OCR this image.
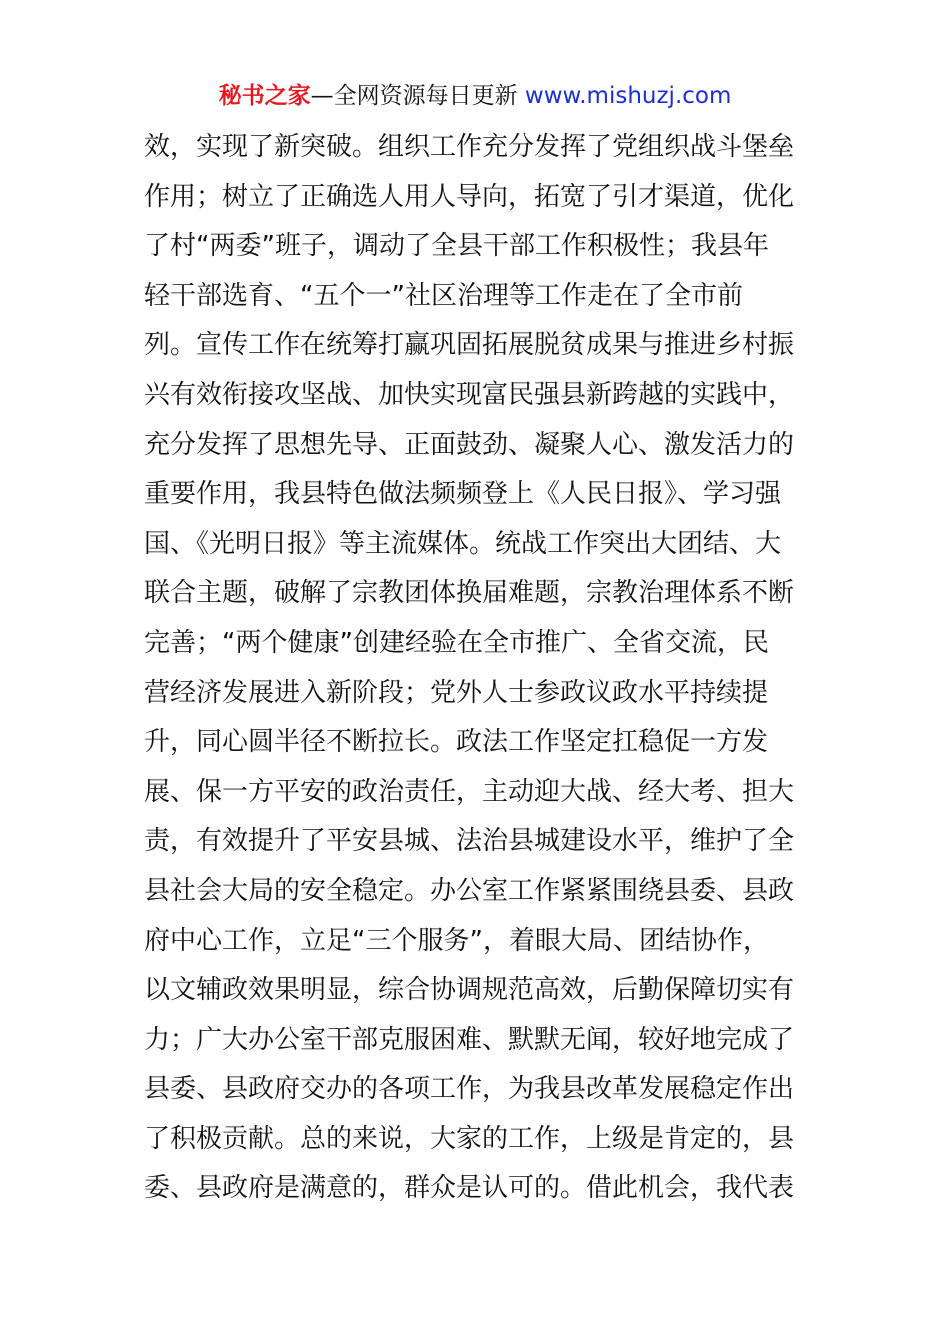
秘书之家—全网资源每日更新 www.mishuzj.com
效，实现了新突破。组织工作充分发挥了党组织战斗堡垒
作用；树立了正确选人用人导向，拓宽了引才渠道，优化
了村“两委”班子，调动了全县干部工作积极性；我县年
轻干部选育、“五个一”社区治理等工作走在了全市前
列。宣传工作在统筹打赢巩固拓展脱贫成果与推进乡村振
兴有效衔接攻坚战、加快实现富民强县新跨越的实践中，
充分发挥了思想先导、正面鼓劲、凝聚人心、激发活力的
重要作用，我县特色做法频频登上《人民日报》、学习强
国、《光明日报》等主流媒体。统战工作突出大团结、大
联合主题，破解了宗教团体换届难题，宗教治理体系不断
完善；“两个健康”创建经验在全市推广、全省交流，民
营经济发展进入新阶段；党外人士参政议政水平持续提
升，同心圆半径不断拉长。政法工作坚定扛稳促一方发
展、保一方平安的政治责任，主动迎大战、经大考、担大
责，有效提升了平安县城、法治县城建设水平，维护了全
县社会大局的安全稳定。办公室工作紧紧围绕县委、县政
府中心工作，立足“三个服务”，着眼大局、团结协作，
以文辅政效果明显，综合协调规范高效，后勤保障切实有
力；广大办公室干部克服困难、默默无闻，较好地完成了
县委、县政府交办的各项工作，为我县改革发展稳定作出
了积极贡献。总的来说，大家的工作，上级是肯定的，县
委、县政府是满意的，群众是认可的。借此机会，我代表
